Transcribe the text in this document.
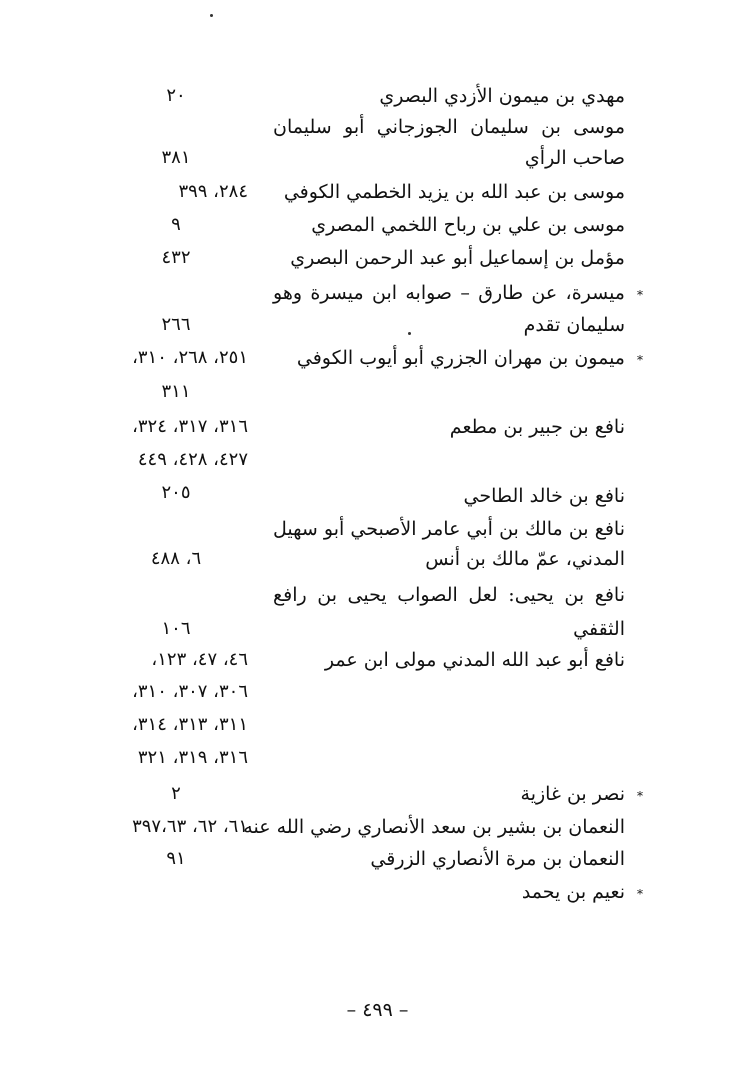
مهدي بن ميمون الأزدي البصري
٢٠
موسى بن سليمان الجوزجاني أبو سليمان
صاحب الرأي
٣٨١
موسى بن عبد الله بن يزيد الخطمي الكوفي
٢٨٤، ٣٩٩
موسى بن علي بن رباح اللخمي المصري
٩
مؤمل بن إسماعيل أبو عبد الرحمن البصري
٤٣٢
*
ميسرة، عن طارق – صوابه ابن ميسرة وهو
سليمان تقدم
٢٦٦
*
ميمون بن مهران الجزري أبو أيوب الكوفي
٢٥١، ٢٦٨، ٣١٠،
٣١١
نافع بن جبير بن مطعم
٣١٦، ٣١٧، ٣٢٤،
٤٢٧، ٤٢٨، ٤٤٩
٢٠٥	نافع بن خالد الطاحي
نافع بن مالك بن أبي عامر الأصبحي أبو سهيل
المدني، عمّ مالك بن أنس
٦، ٤٨٨
نافع بن يحيى: لعل الصواب يحيى بن رافع
الثقفي
١٠٦
نافع أبو عبد الله المدني مولى ابن عمر
٤٦، ٤٧، ١٢٣،
٣٠٦، ٣٠٧، ٣١٠،
٣١١، ٣١٣، ٣١٤،
٣١٦، ٣١٩، ٣٢١
*
نصر بن غازية
٢
النعمان بن بشير بن سعد الأنصاري رضي الله عنه
٦١، ٦٢، ٣٩٧،٦٣
النعمان بن مرة الأنصاري الزرقي
٩١
*
نعيم بن يحمد
– ٤٩٩ –
